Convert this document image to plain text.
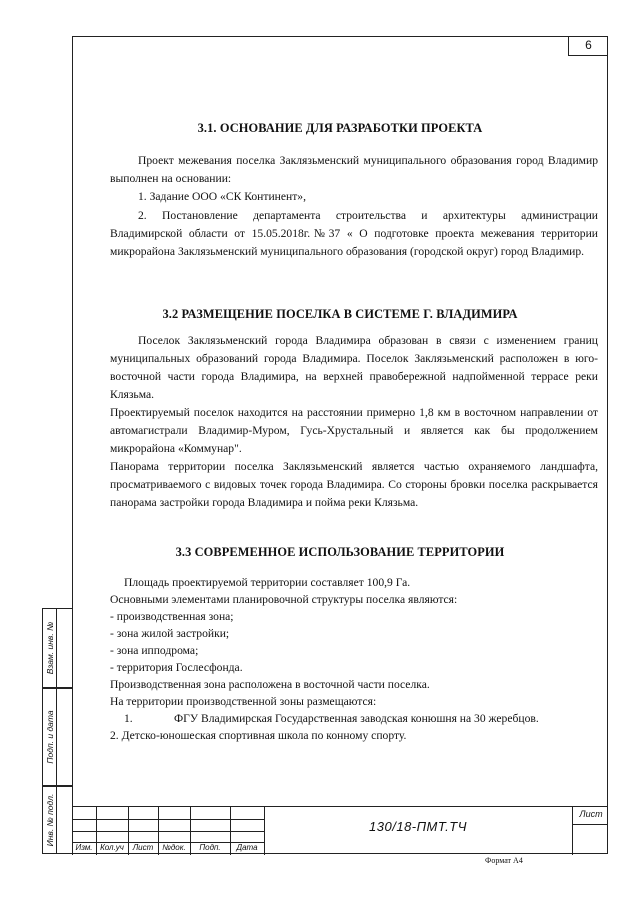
6
3.1. ОСНОВАНИЕ ДЛЯ РАЗРАБОТКИ ПРОЕКТА
Проект межевания поселка Заклязьменский муниципального образования город Владимир выполнен на основании:
1. Задание ООО «СК Континент»,
2. Постановление департамента строительства и архитектуры администрации Владимирской области от 15.05.2018г.№37 « О подготовке проекта межевания территории микрорайона Заклязьменский муниципального образования (городской округ) город Владимир.
3.2 РАЗМЕЩЕНИЕ ПОСЕЛКА В СИСТЕМЕ Г. ВЛАДИМИРА
Поселок Заклязьменский города Владимира образован в связи с изменением границ муниципальных образований города Владимира. Поселок Заклязьменский расположен в юго-восточной части города Владимира, на верхней правобережной надпойменной террасе реки Клязьма.
Проектируемый поселок находится на расстоянии примерно 1,8 км в восточном направлении от автомагистрали Владимир-Муром, Гусь-Хрустальный и является как бы продолжением микрорайона «Коммунар".
Панорама территории поселка Заклязьменский является частью охраняемого ландшафта, просматриваемого с видовых точек города Владимира. Со стороны бровки поселка раскрывается панорама застройки города Владимира и пойма реки Клязьма.
3.3 СОВРЕМЕННОЕ ИСПОЛЬЗОВАНИЕ ТЕРРИТОРИИ
Площадь проектируемой территории составляет 100,9 Га.
Основными элементами планировочной структуры поселка являются:
- производственная зона;
- зона жилой застройки;
- зона ипподрома;
- территория Гослесфонда.
Производственная зона расположена в восточной части поселка.
На территории производственной зоны размещаются:
1.	ФГУ Владимирская Государственная заводская конюшня на 30 жеребцов.
2. Детско-юношеская спортивная школа по конному спорту.
Взам. инв. №
Подп. и дата
Инв. № подл.
Изм. Кол.уч	Лист	№док.	Подп.	Дата
130/18-ПМТ.ТЧ
Лист
Формат А4
